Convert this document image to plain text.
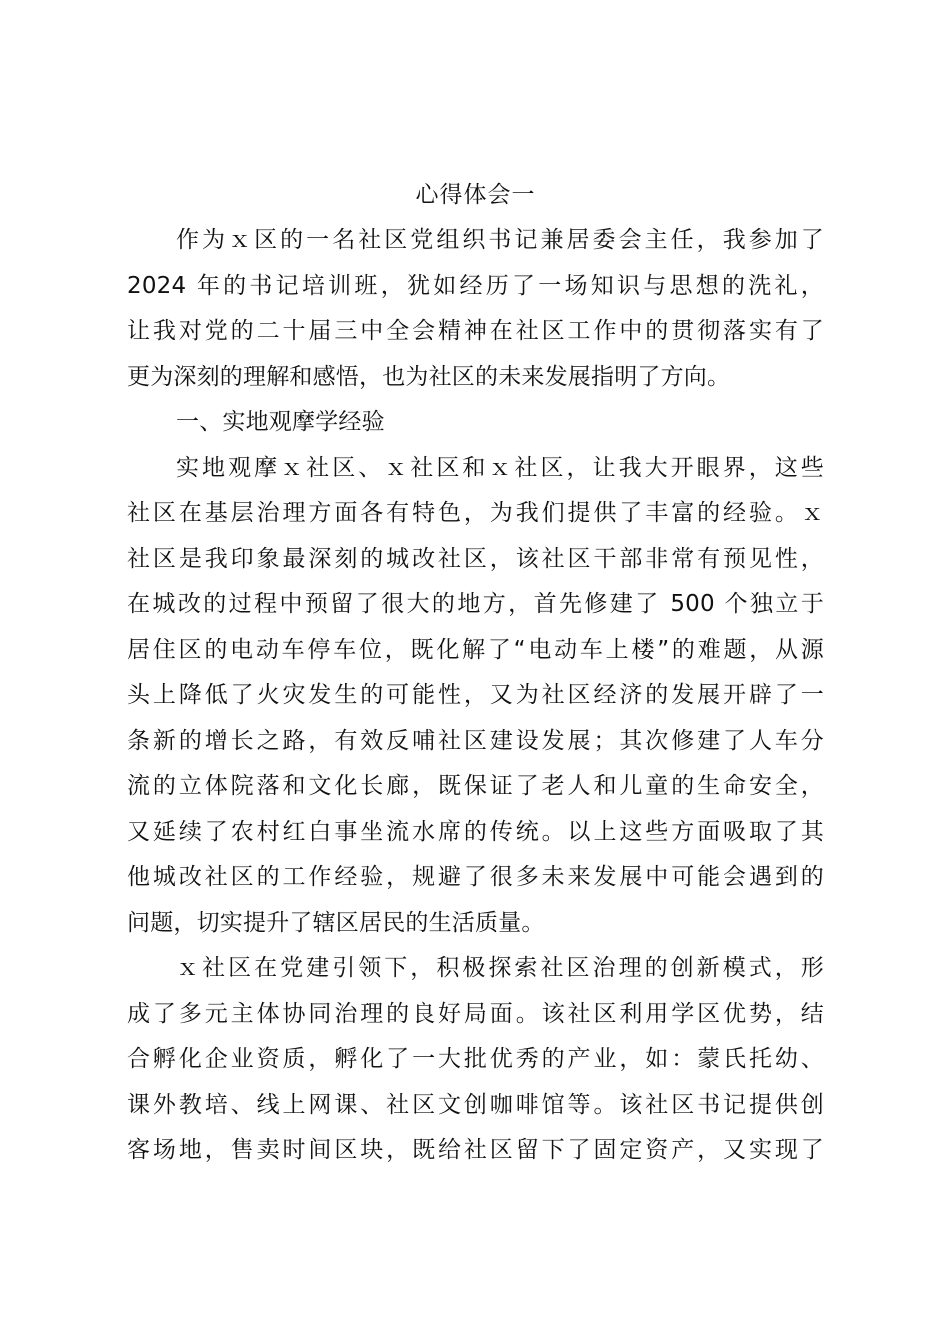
心得体会一
作为ｘ区的一名社区党组织书记兼居委会主任，我参加了
2024 年的书记培训班，犹如经历了一场知识与思想的洗礼，
让我对党的二十届三中全会精神在社区工作中的贯彻落实有了
更为深刻的理解和感悟，也为社区的未来发展指明了方向。
一、实地观摩学经验
实地观摩ｘ社区、ｘ社区和ｘ社区，让我大开眼界，这些
社区在基层治理方面各有特色，为我们提供了丰富的经验。ｘ
社区是我印象最深刻的城改社区，该社区干部非常有预见性，
在城改的过程中预留了很大的地方，首先修建了 500 个独立于
居住区的电动车停车位，既化解了“电动车上楼”的难题，从源
头上降低了火灾发生的可能性，又为社区经济的发展开辟了一
条新的增长之路，有效反哺社区建设发展；其次修建了人车分
流的立体院落和文化长廊，既保证了老人和儿童的生命安全，
又延续了农村红白事坐流水席的传统。以上这些方面吸取了其
他城改社区的工作经验，规避了很多未来发展中可能会遇到的
问题，切实提升了辖区居民的生活质量。
ｘ社区在党建引领下，积极探索社区治理的创新模式，形
成了多元主体协同治理的良好局面。该社区利用学区优势，结
合孵化企业资质，孵化了一大批优秀的产业，如：蒙氏托幼、
课外教培、线上网课、社区文创咖啡馆等。该社区书记提供创
客场地，售卖时间区块，既给社区留下了固定资产，又实现了
